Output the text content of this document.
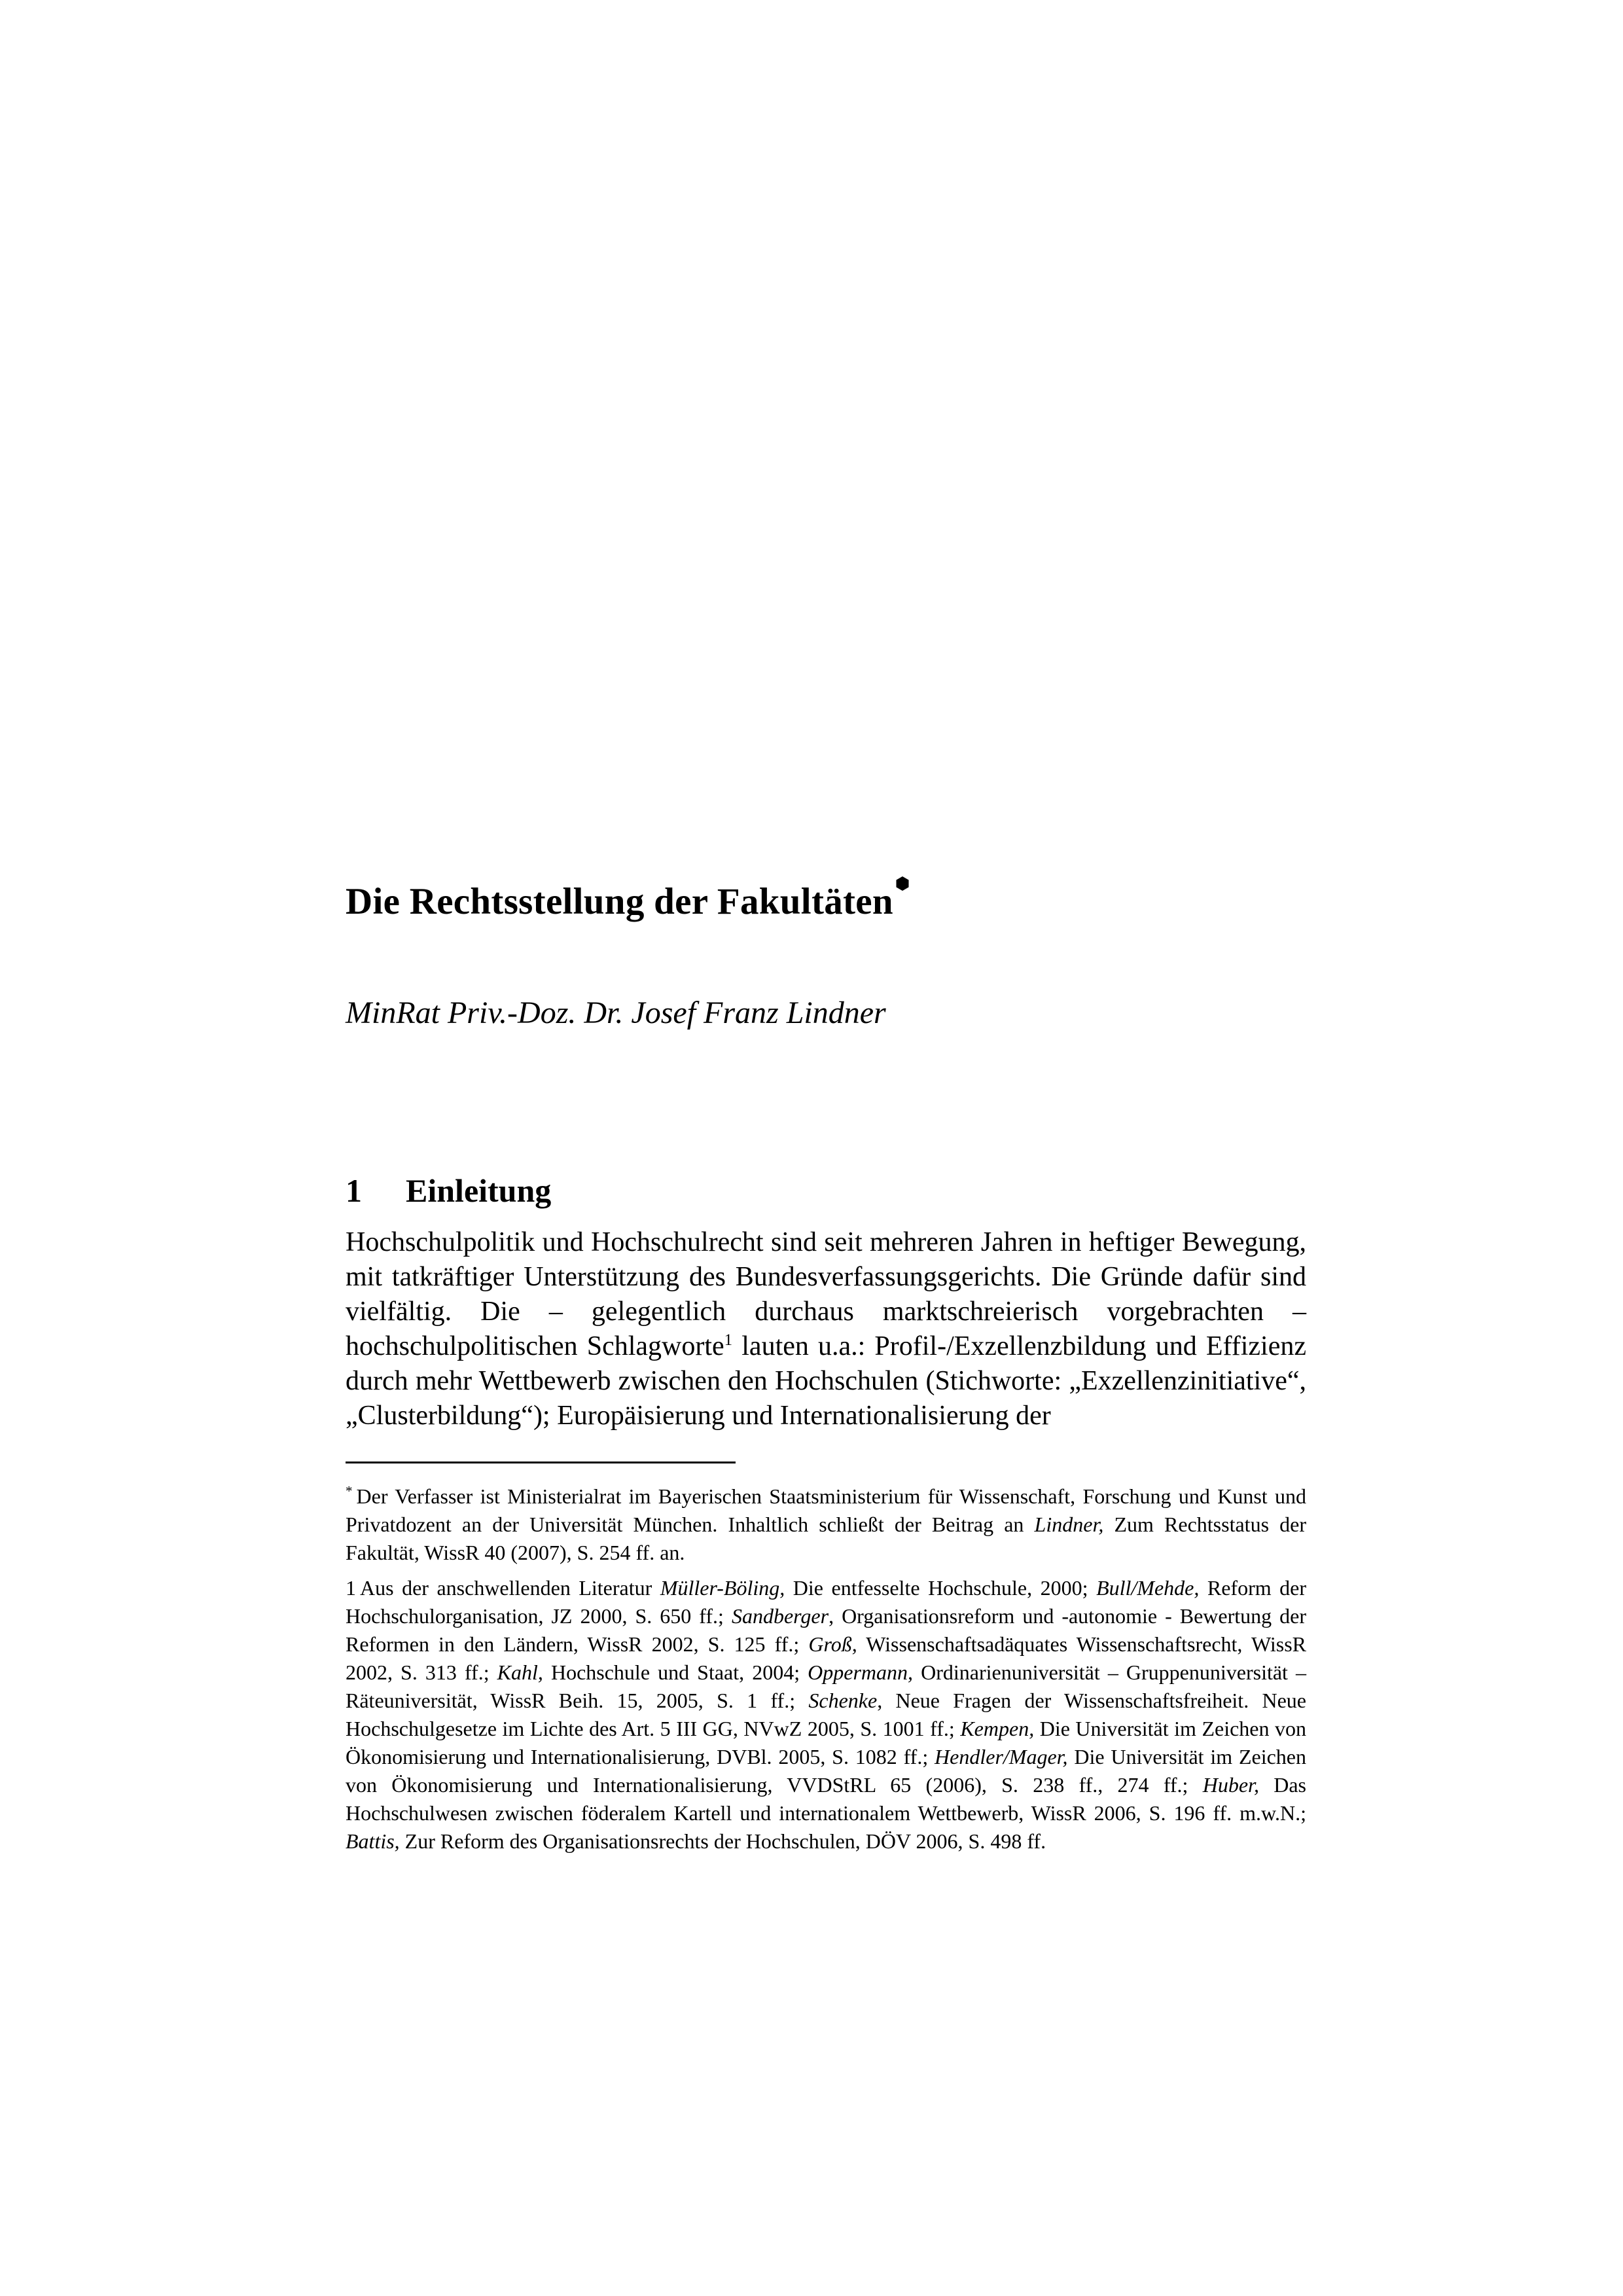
Die Rechtsstellung der Fakultäten

MinRat Priv.-Doz. Dr. Josef Franz Lindner

1 Einleitung

Hochschulpolitik und Hochschulrecht sind seit mehreren Jahren in heftiger Bewegung, mit tatkräftiger Unterstützung des Bundesverfassungsgerichts. Die Gründe dafür sind vielfältig. Die – gelegentlich durchaus marktschreierisch vorgebrachten – hochschulpolitischen Schlagworte$^1$ lauten u.a.: Profil-/Exzellenzbildung und Effizienz durch mehr Wettbewerb zwischen den Hochschulen (Stichworte: „Exzellenzinitiative“, „Clusterbildung“); Europäisierung und Internationalisierung der

* Der Verfasser ist Ministerialrat im Bayerischen Staatsministerium für Wissenschaft, Forschung und Kunst und Privatdozent an der Universität München. Inhaltlich schließt der Beitrag an Lindner, Zum Rechtsstatus der Fakultät, WissR 40 (2007), S. 254 ff. an.

1 Aus der anschwellenden Literatur Müller-Böling, Die entfesselte Hochschule, 2000; Bull/Mehde, Reform der Hochschulorganisation, JZ 2000, S. 650 ff.; Sandberger, Organisationsreform und -autonomie - Bewertung der Reformen in den Ländern, WissR 2002, S. 125 ff.; Groß, Wissenschaftsadäquates Wissenschaftsrecht, WissR 2002, S. 313 ff.; Kahl, Hochschule und Staat, 2004; Oppermann, Ordinarienuniversität – Gruppenuniversität – Räteuniversität, WissR Beih. 15, 2005, S. 1 ff.; Schenke, Neue Fragen der Wissenschaftsfreiheit. Neue Hochschulgesetze im Lichte des Art. 5 III GG, NVwZ 2005, S. 1001 ff.; Kempen, Die Universität im Zeichen von Ökonomisierung und Internationalisierung, DVBl. 2005, S. 1082 ff.; Hendler/Mager, Die Universität im Zeichen von Ökonomisierung und Internationalisierung, VVDStRL 65 (2006), S. 238 ff., 274 ff.; Huber, Das Hochschulwesen zwischen föderalem Kartell und internationalem Wettbewerb, WissR 2006, S. 196 ff. m.w.N.; Battis, Zur Reform des Organisationsrechts der Hochschulen, DÖV 2006, S. 498 ff.
